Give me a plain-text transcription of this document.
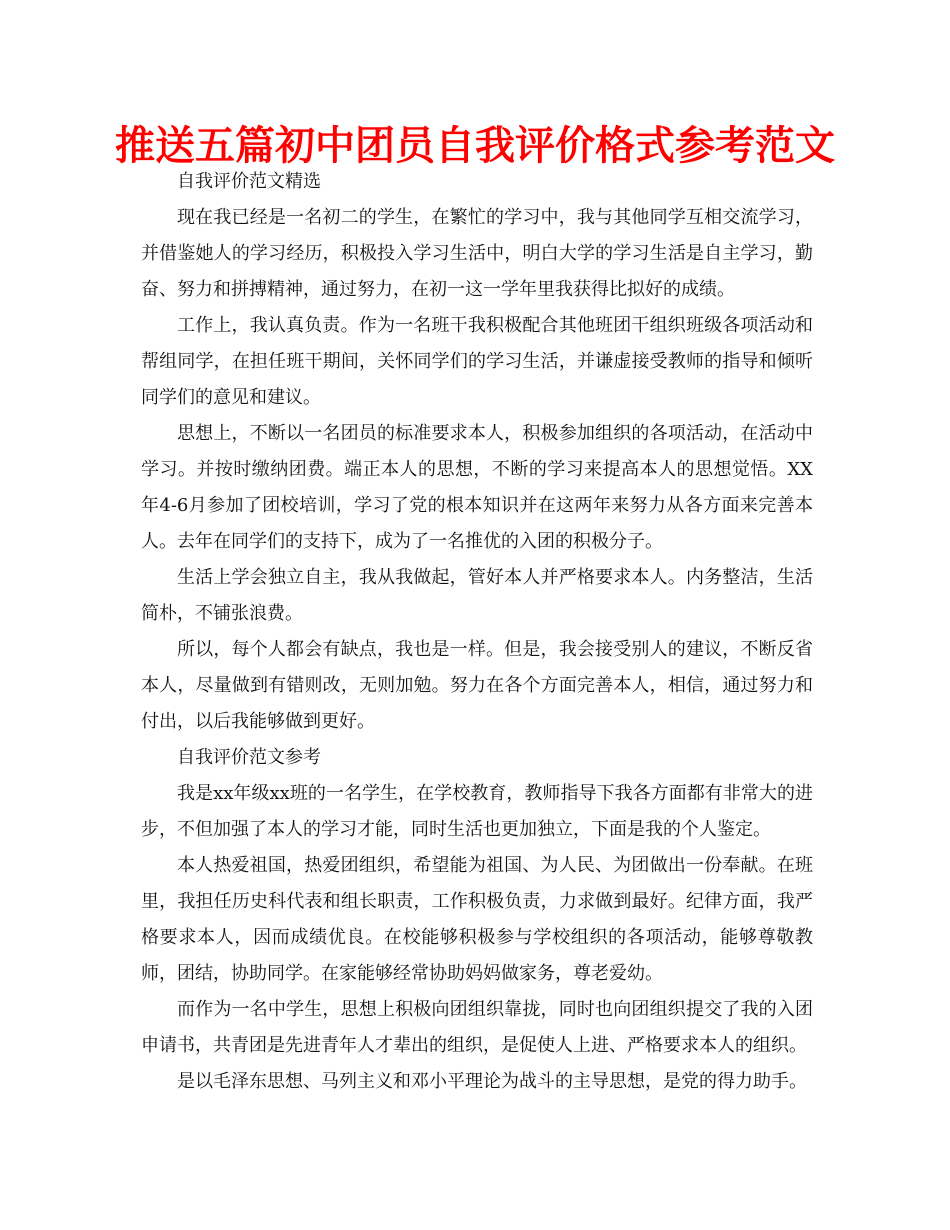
推送五篇初中团员自我评价格式参考范文

自我评价范文精选

现在我已经是一名初二的学生，在繁忙的学习中，我与其他同学互相交流学习，并借鉴她人的学习经历，积极投入学习生活中，明白大学的学习生活是自主学习，勤奋、努力和拼搏精神，通过努力，在初一这一学年里我获得比拟好的成绩。

工作上，我认真负责。作为一名班干我积极配合其他班团干组织班级各项活动和帮组同学，在担任班干期间，关怀同学们的学习生活，并谦虚接受教师的指导和倾听同学们的意见和建议。

思想上，不断以一名团员的标准要求本人，积极参加组织的各项活动，在活动中学习。并按时缴纳团费。端正本人的思想，不断的学习来提高本人的思想觉悟。XX年4-6月参加了团校培训，学习了党的根本知识并在这两年来努力从各方面来完善本人。去年在同学们的支持下，成为了一名推优的入团的积极分子。

生活上学会独立自主，我从我做起，管好本人并严格要求本人。内务整洁，生活简朴，不铺张浪费。

所以，每个人都会有缺点，我也是一样。但是，我会接受别人的建议，不断反省本人，尽量做到有错则改，无则加勉。努力在各个方面完善本人，相信，通过努力和付出，以后我能够做到更好。

自我评价范文参考

我是xx年级xx班的一名学生，在学校教育，教师指导下我各方面都有非常大的进步，不但加强了本人的学习才能，同时生活也更加独立，下面是我的个人鉴定。

本人热爱祖国，热爱团组织，希望能为祖国、为人民、为团做出一份奉献。在班里，我担任历史科代表和组长职责，工作积极负责，力求做到最好。纪律方面，我严格要求本人，因而成绩优良。在校能够积极参与学校组织的各项活动，能够尊敬教师，团结，协助同学。在家能够经常协助妈妈做家务，尊老爱幼。

而作为一名中学生，思想上积极向团组织靠拢，同时也向团组织提交了我的入团申请书，共青团是先进青年人才辈出的组织，是促使人上进、严格要求本人的组织。

是以毛泽东思想、马列主义和邓小平理论为战斗的主导思想，是党的得力助手。
